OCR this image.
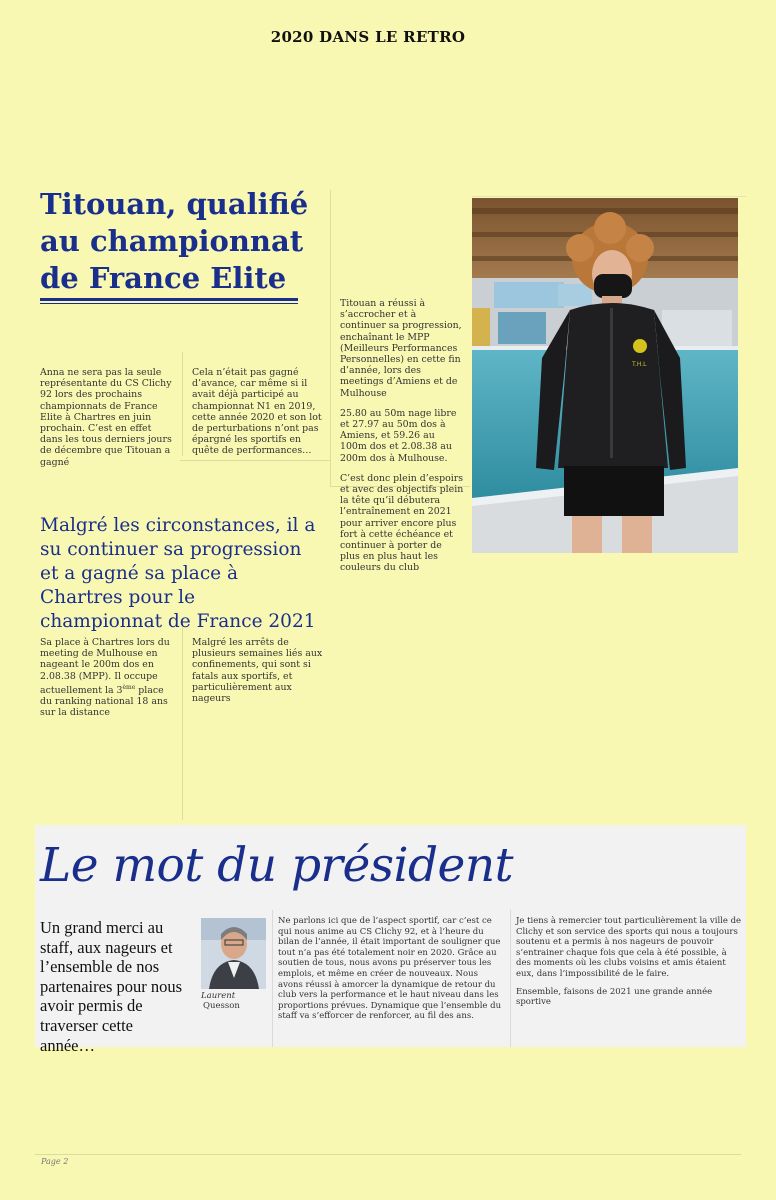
2020 DANS LE RETRO
Titouan, qualifié au championnat de France Elite
Anna ne sera pas la seule représentante du CS Clichy 92 lors des prochains championnats de France Elite à Chartres en juin prochain. C’est en effet dans les tous derniers jours de décembre que Titouan a gagné
Cela n’était pas gagné d’avance, car même si il avait déjà participé au championnat N1 en 2019, cette année 2020 et son lot de perturbations n’ont pas épargné les sportifs en quête de performances…

Titouan a réussi à s’accrocher et à continuer sa progression, enchaînant le MPP (Meilleurs Performances Personnelles) en cette fin d’année, lors des meetings d’Amiens et de Mulhouse

25.80 au 50m nage libre et 27.97 au 50m dos à Amiens, et 59.26 au 100m dos et 2.08.38 au 200m dos à Mulhouse.

C’est donc plein d’espoirs et avec des objectifs plein la tête qu’il débutera l’entraînement en 2021 pour arriver encore plus fort à cette échéance et continuer à porter de plus en plus haut les couleurs du club

T.H.L
Malgré les circonstances, il a su continuer sa progression et a gagné sa place à Chartres pour le championnat de France 2021
Sa place à Chartres lors du meeting de Mulhouse en nageant le 200m dos en 2.08.38 (MPP). Il occupe actuellement la 3ème place du ranking national 18 ans sur la distance
Malgré les arrêts de plusieurs semaines liés aux confinements, qui sont si fatals aux sportifs, et particulièrement aux nageurs
Le mot du président
Un grand merci au staff, aux nageurs et l’ensemble de nos partenaires pour nous avoir permis de traverser cette année…
Laurent
Quesson
Ne parlons ici que de l’aspect sportif, car c’est ce qui nous anime au CS Clichy 92, et à l’heure du bilan de l’année, il était important de souligner que tout n’a pas été totalement noir en 2020. Grâce au soutien de tous, nous avons pu préserver tous les emplois, et même en créer de nouveaux. Nous avons réussi à amorcer la dynamique de retour du club vers la performance et le haut niveau dans les proportions prévues. Dynamique que l’ensemble du staff va s’efforcer de renforcer, au fil des ans.

Je tiens à remercier tout particulièrement la ville de Clichy et son service des sports qui nous a toujours soutenu et a permis à nos nageurs de pouvoir s’entrainer chaque fois que cela à été possible, à des moments où les clubs voisins et amis étaient eux, dans l’impossibilité de le faire.

Ensemble, faisons de 2021 une grande année sportive

Page 2
